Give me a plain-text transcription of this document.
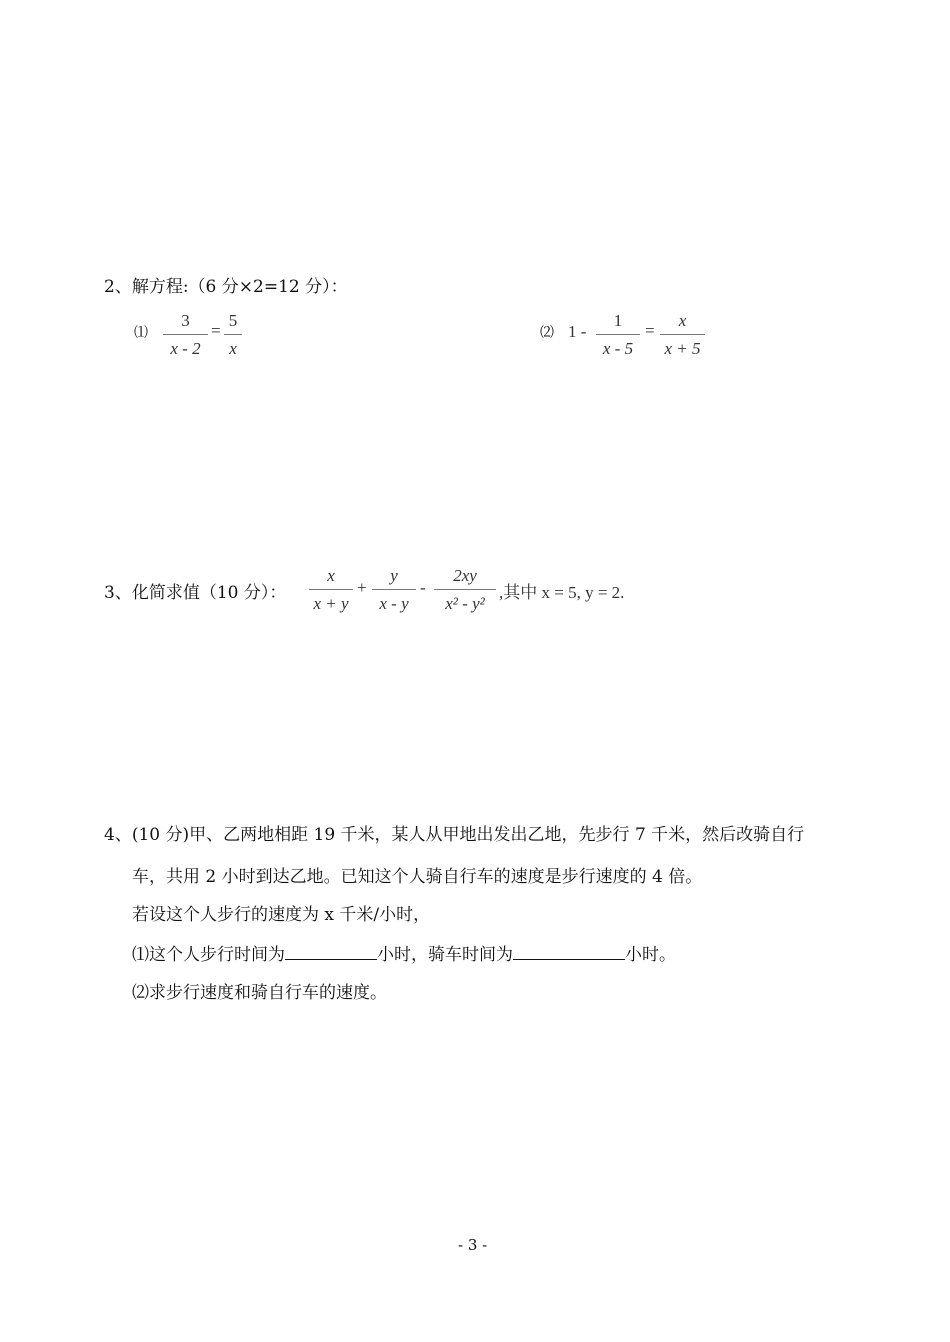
2、解方程:（6 分×2=12 分）：
⑴
3
x - 2
=
5
x
⑵ 1 -
1
x - 5
=
x
x + 5
3、化简求值（10 分）：
x
x + y
+
y
x - y
-
2xy
x² - y²
,其中 x = 5, y = 2.
4、(10 分)甲、乙两地相距 19 千米，某人从甲地出发出乙地，先步行 7 千米，然后改骑自行
车，共用 2 小时到达乙地。已知这个人骑自行车的速度是步行速度的 4 倍。
若设这个人步行的速度为 x 千米/小时，
⑴这个人步行时间为	小时，骑车时间为	小时。
⑵求步行速度和骑自行车的速度。
- 3 -
